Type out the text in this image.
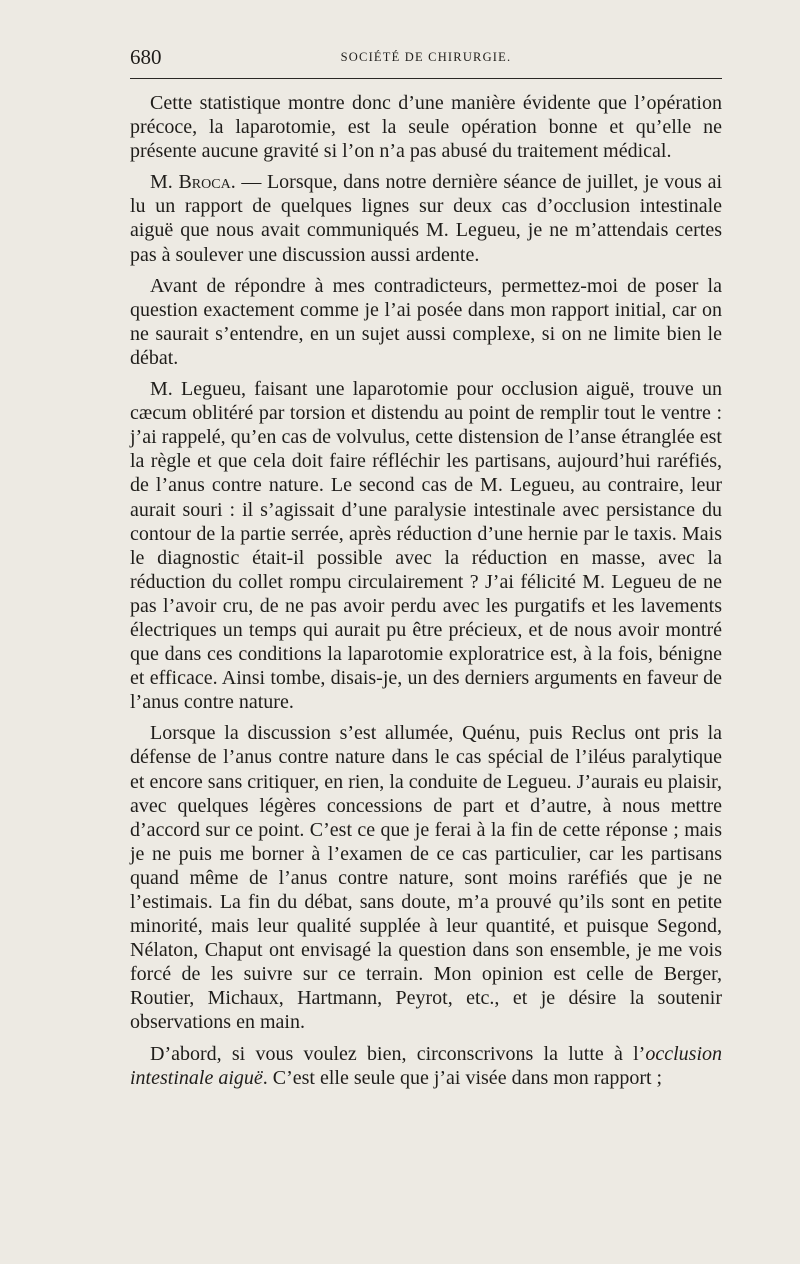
680	SOCIÉTÉ DE CHIRURGIE.

Cette statistique montre donc d’une manière évidente que l’opération précoce, la laparotomie, est la seule opération bonne et qu’elle ne présente aucune gravité si l’on n’a pas abusé du traitement médical.

M. Broca. — Lorsque, dans notre dernière séance de juillet, je vous ai lu un rapport de quelques lignes sur deux cas d’occlusion intestinale aiguë que nous avait communiqués M. Legueu, je ne m’attendais certes pas à soulever une discussion aussi ardente.

Avant de répondre à mes contradicteurs, permettez-moi de poser la question exactement comme je l’ai posée dans mon rapport initial, car on ne saurait s’entendre, en un sujet aussi complexe, si on ne limite bien le débat.

M. Legueu, faisant une laparotomie pour occlusion aiguë, trouve un cæcum oblitéré par torsion et distendu au point de remplir tout le ventre : j’ai rappelé, qu’en cas de volvulus, cette distension de l’anse étranglée est la règle et que cela doit faire réfléchir les partisans, aujourd’hui raréfiés, de l’anus contre nature. Le second cas de M. Legueu, au contraire, leur aurait souri : il s’agissait d’une paralysie intestinale avec persistance du contour de la partie serrée, après réduction d’une hernie par le taxis. Mais le diagnostic était-il possible avec la réduction en masse, avec la réduction du collet rompu circulairement ? J’ai félicité M. Legueu de ne pas l’avoir cru, de ne pas avoir perdu avec les purgatifs et les lavements électriques un temps qui aurait pu être précieux, et de nous avoir montré que dans ces conditions la laparotomie exploratrice est, à la fois, bénigne et efficace. Ainsi tombe, disais-je, un des derniers arguments en faveur de l’anus contre nature.

Lorsque la discussion s’est allumée, Quénu, puis Reclus ont pris la défense de l’anus contre nature dans le cas spécial de l’iléus paralytique et encore sans critiquer, en rien, la conduite de Legueu. J’aurais eu plaisir, avec quelques légères concessions de part et d’autre, à nous mettre d’accord sur ce point. C’est ce que je ferai à la fin de cette réponse ; mais je ne puis me borner à l’examen de ce cas particulier, car les partisans quand même de l’anus contre nature, sont moins raréfiés que je ne l’estimais. La fin du débat, sans doute, m’a prouvé qu’ils sont en petite minorité, mais leur qualité supplée à leur quantité, et puisque Segond, Nélaton, Chaput ont envisagé la question dans son ensemble, je me vois forcé de les suivre sur ce terrain. Mon opinion est celle de Berger, Routier, Michaux, Hartmann, Peyrot, etc., et je désire la soutenir observations en main.

D’abord, si vous voulez bien, circonscrivons la lutte à l’occlusion intestinale aiguë. C’est elle seule que j’ai visée dans mon rapport ;
